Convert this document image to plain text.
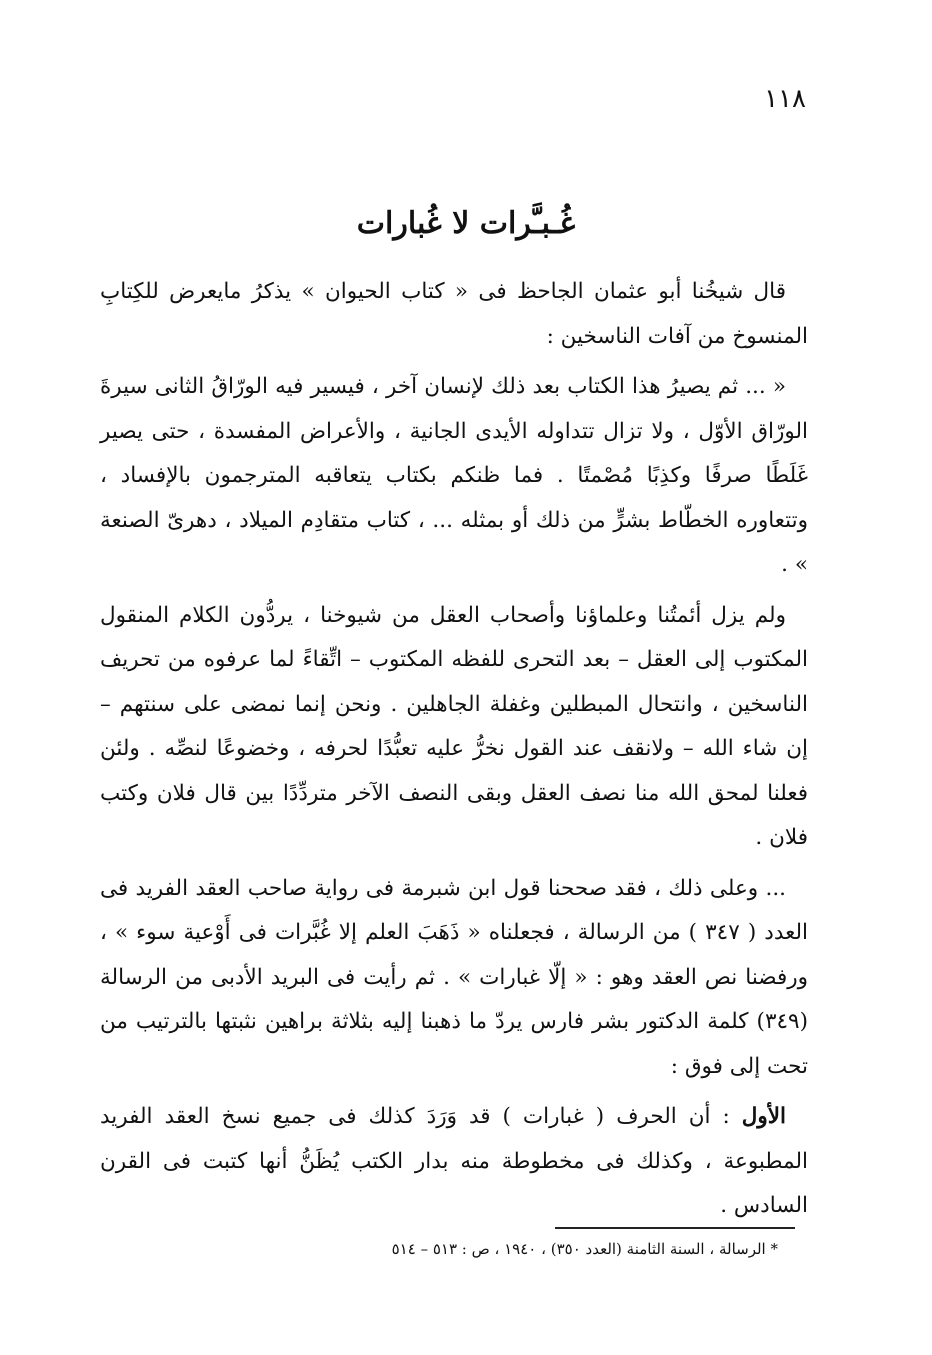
١١٨
غُـبـَّرات لا غُبارات

قال شيخُنا أبو عثمان الجاحظ فى « كتاب الحيوان » يذكرُ مايعرض للكِتابِ المنسوخ من آفات الناسخين :

« ... ثم يصيرُ هذا الكتاب بعد ذلك لإنسان آخر ، فيسير فيه الورّاقُ الثانى سيرةَ الورّاق الأوّل ، ولا تزال تتداوله الأيدى الجانية ، والأعراض المفسدة ، حتى يصير غَلَطًا صرفًا وكذِبًا مُصْمتًا . فما ظنكم بكتاب يتعاقبه المترجمون بالإفساد ، وتتعاوره الخطّاط بشرٍّ من ذلك أو بمثله ... ، كتاب متقادِم الميلاد ، دهرىّ الصنعة » .

ولم يزل أئمتُنا وعلماؤنا وأصحاب العقل من شيوخنا ، يردُّون الكلام المنقول المكتوب إلى العقل – بعد التحرى للفظه المكتوب – اتِّقاءً لما عرفوه من تحريف الناسخين ، وانتحال المبطلين وغفلة الجاهلين . ونحن إنما نمضى على سنتهم – إن شاء الله – ولانقف عند القول نخرُّ عليه تعبُّدًا لحرفه ، وخضوعًا لنصِّه . ولئن فعلنا لمحق الله منا نصف العقل وبقى النصف الآخر متردِّدًا بين قال فلان وكتب فلان .

... وعلى ذلك ، فقد صححنا قول ابن شبرمة فى رواية صاحب العقد الفريد فى العدد ( ٣٤٧ ) من الرسالة ، فجعلناه « ذَهَبَ العلم إلا غُبَّرات فى أَوْعية سوء » ، ورفضنا نص العقد وهو : « إلّا غبارات » . ثم رأيت فى البريد الأدبى من الرسالة (٣٤٩) كلمة الدكتور بشر فارس يردّ ما ذهبنا إليه بثلاثة براهين نثبتها بالترتيب من تحت إلى فوق :

الأول : أن الحرف ( غبارات ) قد وَرَدَ كذلك فى جميع نسخ العقد الفريد المطبوعة ، وكذلك فى مخطوطة منه بدار الكتب يُظَنُّ أنها كتبت فى القرن السادس .

* الرسالة ، السنة الثامنة (العدد ٣٥٠) ، ١٩٤٠ ، ص : ٥١٣ – ٥١٤
